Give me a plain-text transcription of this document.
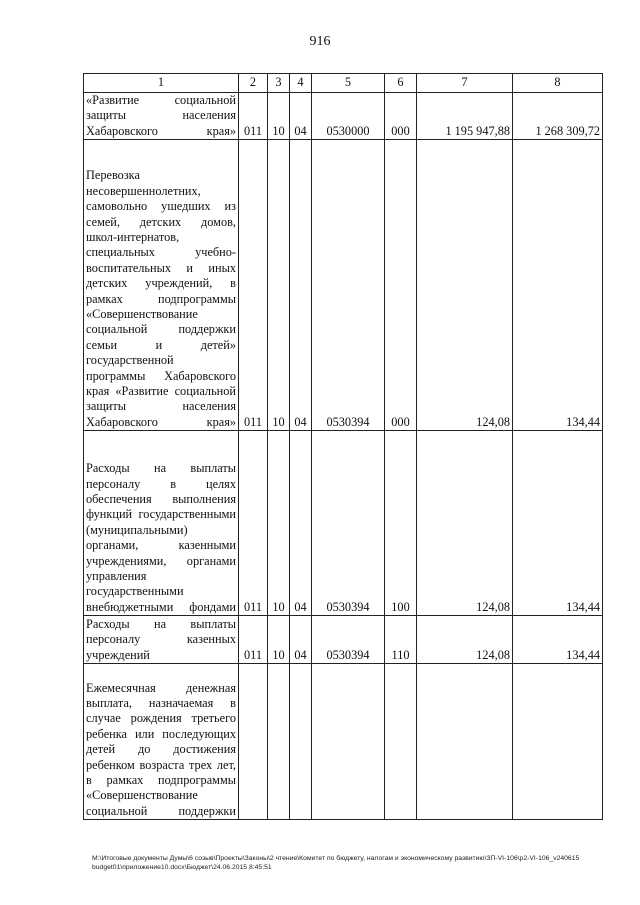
916
1	2	3	4	5	6	7	8
«Развитие социальной защиты населения Хабаровского края»	011	10	04	0530000	000	1 195 947,88	1 268 309,72
Перевозка несовершеннолетних, самовольно ушедших из семей, детских домов, школ-интернатов, специальных учебно-воспитательных и иных детских учреждений, в рамках подпрограммы «Совершенствование социальной поддержки семьи и детей» государственной программы Хабаровского края «Развитие социальной защиты населения Хабаровского края»	011	10	04	0530394	000	124,08	134,44
Расходы на выплаты персоналу в целях обеспечения выполнения функций государственными (муниципальными) органами, казенными учреждениями, органами управления государственными внебюджетными фондами	011	10	04	0530394	100	124,08	134,44
Расходы на выплаты персоналу казенных учреждений	011	10	04	0530394	110	124,08	134,44
Ежемесячная денежная выплата, назначаемая в случае рождения третьего ребенка или последующих детей до достижения ребенком возраста трех лет, в рамках подпрограммы «Совершенствование социальной поддержки							
M:\Итоговые документы Думы\6 созыв\Проекты\Законы\2 чтение\Комитет по бюджету, налогам и экономическому развитию\ЗП-VI-106\р2-VI-106_v240615 budget01\приложение10.docx\Бюджет\24.06.2015 8:45:51
